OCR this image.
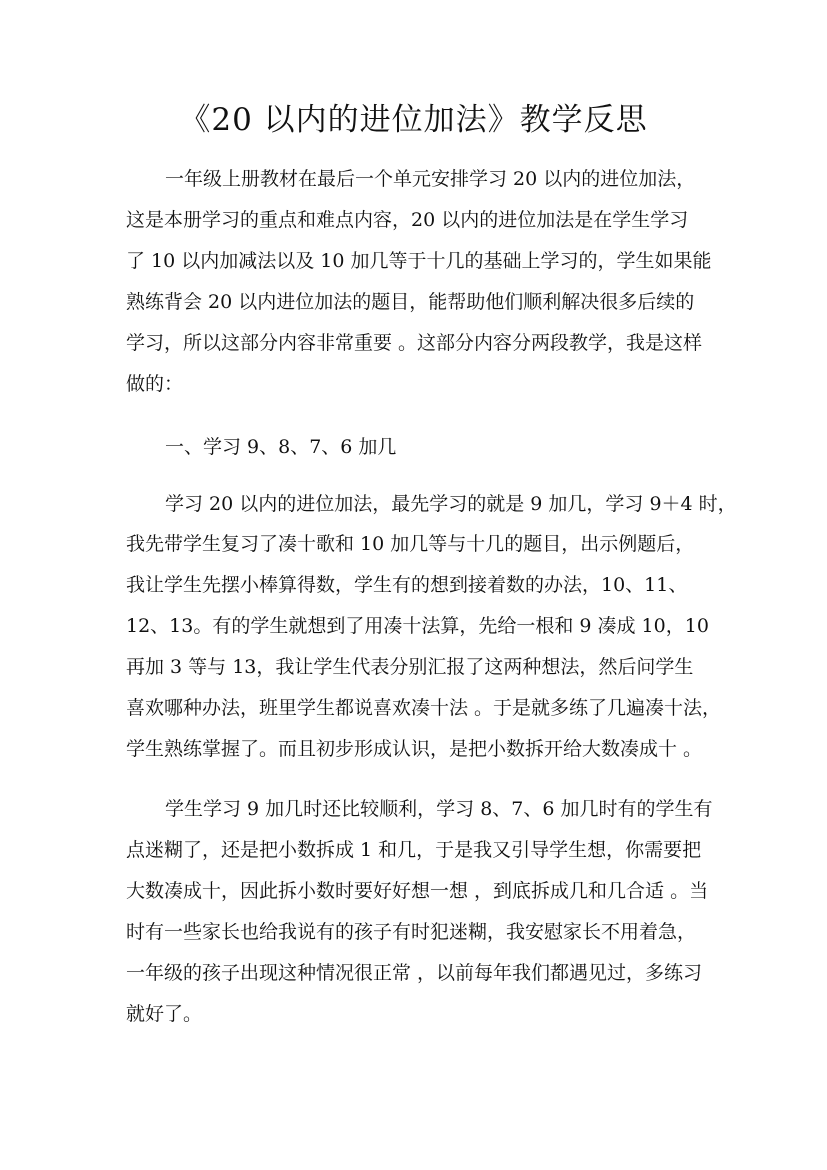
《20 以内的进位加法》教学反思

一年级上册教材在最后一个单元安排学习 20 以内的进位加法，

这是本册学习的重点和难点内容，20 以内的进位加法是在学生学习

了 10 以内加减法以及 10 加几等于十几的基础上学习的，学生如果能

熟练背会 20 以内进位加法的题目，能帮助他们顺利解决很多后续的

学习，所以这部分内容非常重要 。这部分内容分两段教学，我是这样

做的：

一、学习 9、8、7、6 加几

学习 20 以内的进位加法，最先学习的就是 9 加几，学习 9＋4 时，

我先带学生复习了凑十歌和 10 加几等与十几的题目，出示例题后，

我让学生先摆小棒算得数，学生有的想到接着数的办法，10、11、

12、13。有的学生就想到了用凑十法算，先给一根和 9 凑成 10，10

再加 3 等与 13，我让学生代表分别汇报了这两种想法，然后问学生

喜欢哪种办法，班里学生都说喜欢凑十法 。于是就多练了几遍凑十法，

学生熟练掌握了。而且初步形成认识，是把小数拆开给大数凑成十 。

学生学习 9 加几时还比较顺利，学习 8、7、6 加几时有的学生有

点迷糊了，还是把小数拆成 1 和几，于是我又引导学生想，你需要把

大数凑成十，因此拆小数时要好好想一想 ，到底拆成几和几合适 。当

时有一些家长也给我说有的孩子有时犯迷糊，我安慰家长不用着急，

一年级的孩子出现这种情况很正常 ，以前每年我们都遇见过，多练习

就好了。
